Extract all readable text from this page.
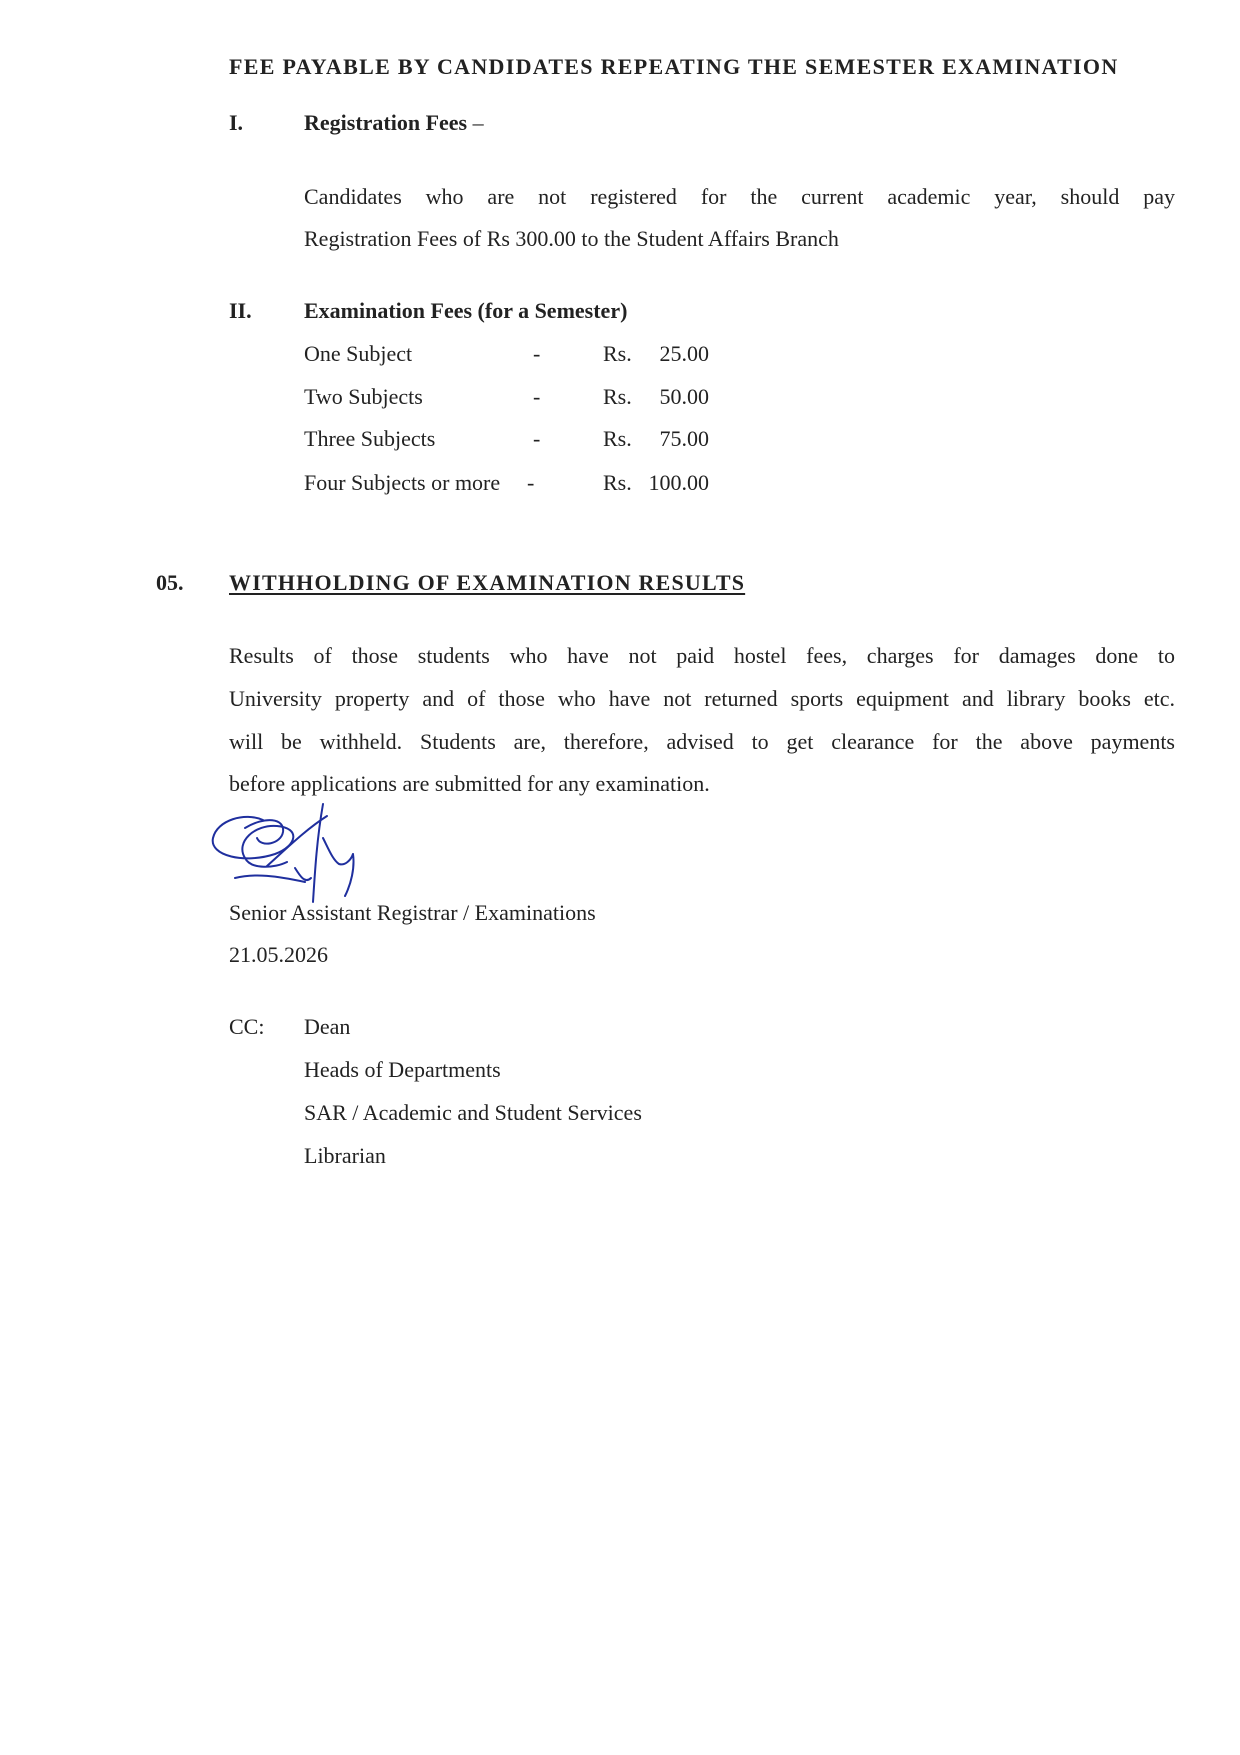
FEE PAYABLE BY CANDIDATES REPEATING THE SEMESTER EXAMINATION
I.	Registration Fees –
Candidates who are not registered for the current academic year, should pay
Registration Fees of Rs 300.00 to the Student Affairs Branch
II. Examination Fees (for a Semester)
One Subject	-	Rs.	25.00
Two Subjects	-	Rs.	50.00
Three Subjects	-	Rs.	75.00
Four Subjects or more -	Rs. 100.00
05. WITHHOLDING OF EXAMINATION RESULTS
Results of those students who have not paid hostel fees, charges for damages done to
University property and of those who have not returned sports equipment and library books etc.
will be withheld. Students are, therefore, advised to get clearance for the above payments
before applications are submitted for any examination.
Senior Assistant Registrar / Examinations
21.05.2026
CC: Dean
Heads of Departments
SAR / Academic and Student Services
Librarian
